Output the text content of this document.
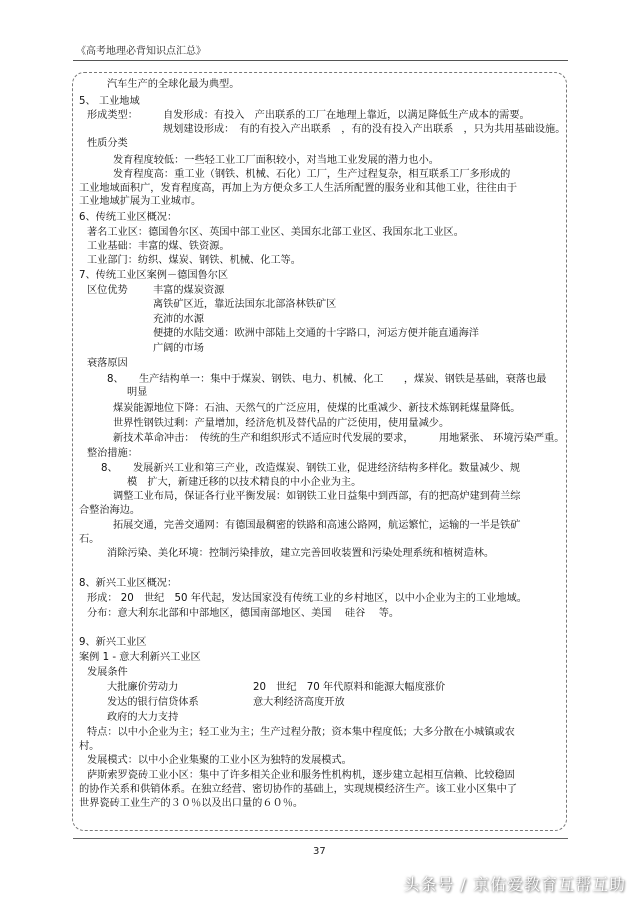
《高考地理必背知识点汇总》
汽车生产的全球化最为典型。
5、 工业地域
形成类型： 自发形成：有投入　产出联系的工厂在地理上靠近，以满足降低生产成本的需要。
规划建设形成：　有的有投入产出联系　，有的没有投入产出联系　，只为共用基础设施。
性质分类
发育程度较低：一些轻工业工厂面积较小，对当地工业发展的潜力也小。
发育程度高：重工业（钢铁、机械、石化）工厂，生产过程复杂，相互联系工厂多形成的
工业地域面积广，发育程度高，再加上为方便众多工人生活所配置的服务业和其他工业，往往由于
工业地域扩展为工业城市。
6、传统工业区概况：
著名工业区：德国鲁尔区、英国中部工业区、美国东北部工业区、我国东北工业区。
工业基础：丰富的煤、铁资源。
工业部门：纺织、煤炭、钢铁、机械、化工等。
7、传统工业区案例－德国鲁尔区
区位优势 丰富的煤炭资源
离铁矿区近，靠近法国东北部洛林铁矿区
充沛的水源
便捷的水陆交通：欧洲中部陆上交通的十字路口，河运方便并能直通海洋
广阔的市场
衰落原因
8、　　生产结构单一：集中于煤炭、钢铁、电力、机械、化工　　，煤炭、钢铁是基础，衰落也最
明显
煤炭能源地位下降：石油、天然气的广泛应用，使煤的比重减少、新技术炼钢耗煤量降低。
世界性钢铁过剩：产量增加，经济危机及替代品的广泛使用，使用量减少。
新技术革命冲击：　传统的生产和组织形式不适应时代发展的要求，　　　用地紧张、 环境污染严重。
整治措施：
8、　　发展新兴工业和第三产业，改造煤炭、钢铁工业，促进经济结构多样化。数量减少、规
模　扩大，新建迁移的以技术精良的中小企业为主。
调整工业布局，保证各行业平衡发展：如钢铁工业日益集中到西部，有的把高炉建到荷兰综
合整治海边。
拓展交通，完善交通网：有德国最稠密的铁路和高速公路网，航运繁忙，运输的一半是铁矿
石。
消除污染、美化环境：控制污染排放，建立完善回收装置和污染处理系统和植树造林。
8、新兴工业区概况：
形成： 20　世纪　50 年代起，发达国家没有传统工业的乡村地区，以中小企业为主的工业地域。
分布：意大利东北部和中部地区，德国南部地区、美国　 硅谷　 等。
9、新兴工业区
案例 1 - 意大利新兴工业区
发展条件
大批廉价劳动力	20　世纪　70 年代原料和能源大幅度涨价
发达的银行信贷体系	意大利经济高度开放
政府的大力支持
特点：以中小企业为主；轻工业为主；生产过程分散；资本集中程度低；大多分散在小城镇或农
村。
发展模式：以中小企业集聚的工业小区为独特的发展模式。
萨斯索罗瓷砖工业小区：集中了许多相关企业和服务性机构机，逐步建立起相互信赖、比较稳固
的协作关系和供销体系。在独立经营、密切协作的基础上，实现规模经济生产。该工业小区集中了
世界瓷砖工业生产的３０％以及出口量的６０％。
37
头条号 / 京佑爱教育互帮互助
